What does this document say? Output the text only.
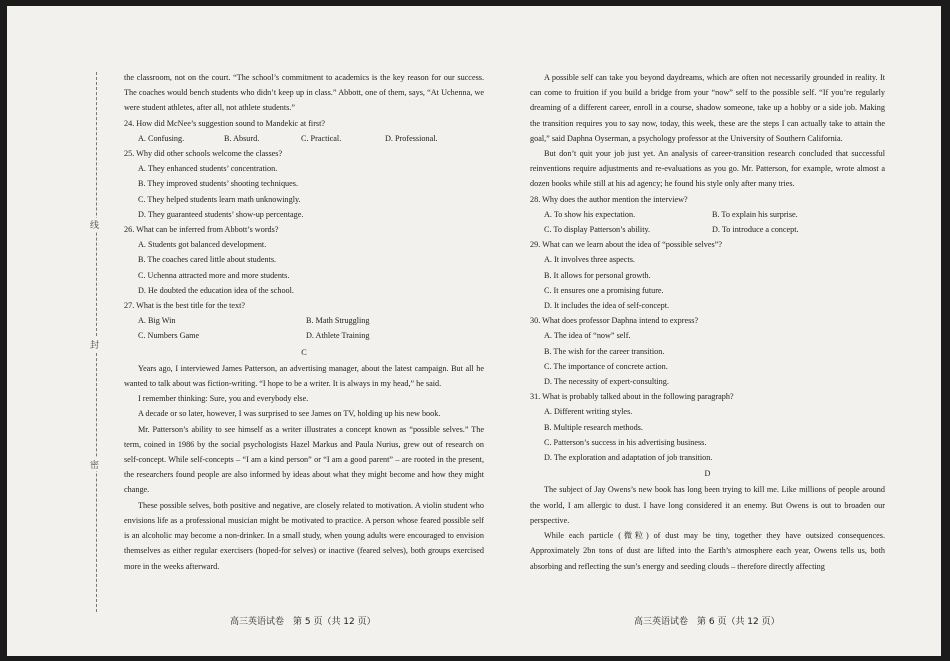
线
封
密

the classroom, not on the court. “The school’s commitment to academics is the key reason for our success. The coaches would bench students who didn’t keep up in class.” Abbott, one of them, says, “At Uchenna, we were student athletes, after all, not athlete students.”

24. How did McNee’s suggestion sound to Mandekic at first?

A. Confusing.	B. Absurd.	C. Practical.	D. Professional.

25. Why did other schools welcome the classes?

A. They enhanced students’ concentration.

B. They improved students’ shooting techniques.

C. They helped students learn math unknowingly.

D. They guaranteed students’ show-up percentage.

26. What can be inferred from Abbott’s words?

A. Students got balanced development.

B. The coaches cared little about students.

C. Uchenna attracted more and more students.

D. He doubted the education idea of the school.

27. What is the best title for the text?

A. Big Win	B. Math Struggling
C. Numbers Game	D. Athlete Training

C

Years ago, I interviewed James Patterson, an advertising manager, about the latest campaign. But all he wanted to talk about was fiction-writing. “I hope to be a writer. It is always in my head,” he said.

I remember thinking: Sure, you and everybody else.

A decade or so later, however, I was surprised to see James on TV, holding up his new book.

Mr. Patterson’s ability to see himself as a writer illustrates a concept known as “possible selves.” The term, coined in 1986 by the social psychologists Hazel Markus and Paula Nurius, grew out of research on self-concept. While self-concepts – “I am a kind person” or “I am a good parent” – are rooted in the present, the researchers found people are also informed by ideas about what they might become and how they might change.

These possible selves, both positive and negative, are closely related to motivation. A violin student who envisions life as a professional musician might be motivated to practice. A person whose feared possible self is an alcoholic may become a non-drinker. In a small study, when young adults were encouraged to envision themselves as either regular exercisers (hoped-for selves) or inactive (feared selves), both groups exercised more in the weeks afterward.

高三英语试卷　第 5 页（共 12 页）

A possible self can take you beyond daydreams, which are often not necessarily grounded in reality. It can come to fruition if you build a bridge from your “now” self to the possible self. “If you’re regularly dreaming of a different career, enroll in a course, shadow someone, take up a hobby or a side job. Making the transition requires you to say now, today, this week, these are the steps I can actually take to attain the goal,” said Daphna Oyserman, a psychology professor at the University of Southern California.

But don’t quit your job just yet. An analysis of career-transition research concluded that successful reinventions require adjustments and re-evaluations as you go. Mr. Patterson, for example, wrote almost a dozen books while still at his ad agency; he found his style only after many tries.

28. Why does the author mention the interview?

A. To show his expectation.	B. To explain his surprise.
C. To display Patterson’s ability.	D. To introduce a concept.

29. What can we learn about the idea of “possible selves”?

A. It involves three aspects.

B. It allows for personal growth.

C. It ensures one a promising future.

D. It includes the idea of self-concept.

30. What does professor Daphna intend to express?

A. The idea of “now” self.

B. The wish for the career transition.

C. The importance of concrete action.

D. The necessity of expert-consulting.

31. What is probably talked about in the following paragraph?

A. Different writing styles.

B. Multiple research methods.

C. Patterson’s success in his advertising business.

D. The exploration and adaptation of job transition.

D

The subject of Jay Owens’s new book has long been trying to kill me. Like millions of people around the world, I am allergic to dust. I have long considered it an enemy. But Owens is out to broaden our perspective.

While each particle (微粒) of dust may be tiny, together they have outsized consequences. Approximately 2bn tons of dust are lifted into the Earth’s atmosphere each year, Owens tells us, both absorbing and reflecting the sun’s energy and seeding clouds – therefore directly affecting

高三英语试卷　第 6 页（共 12 页）
